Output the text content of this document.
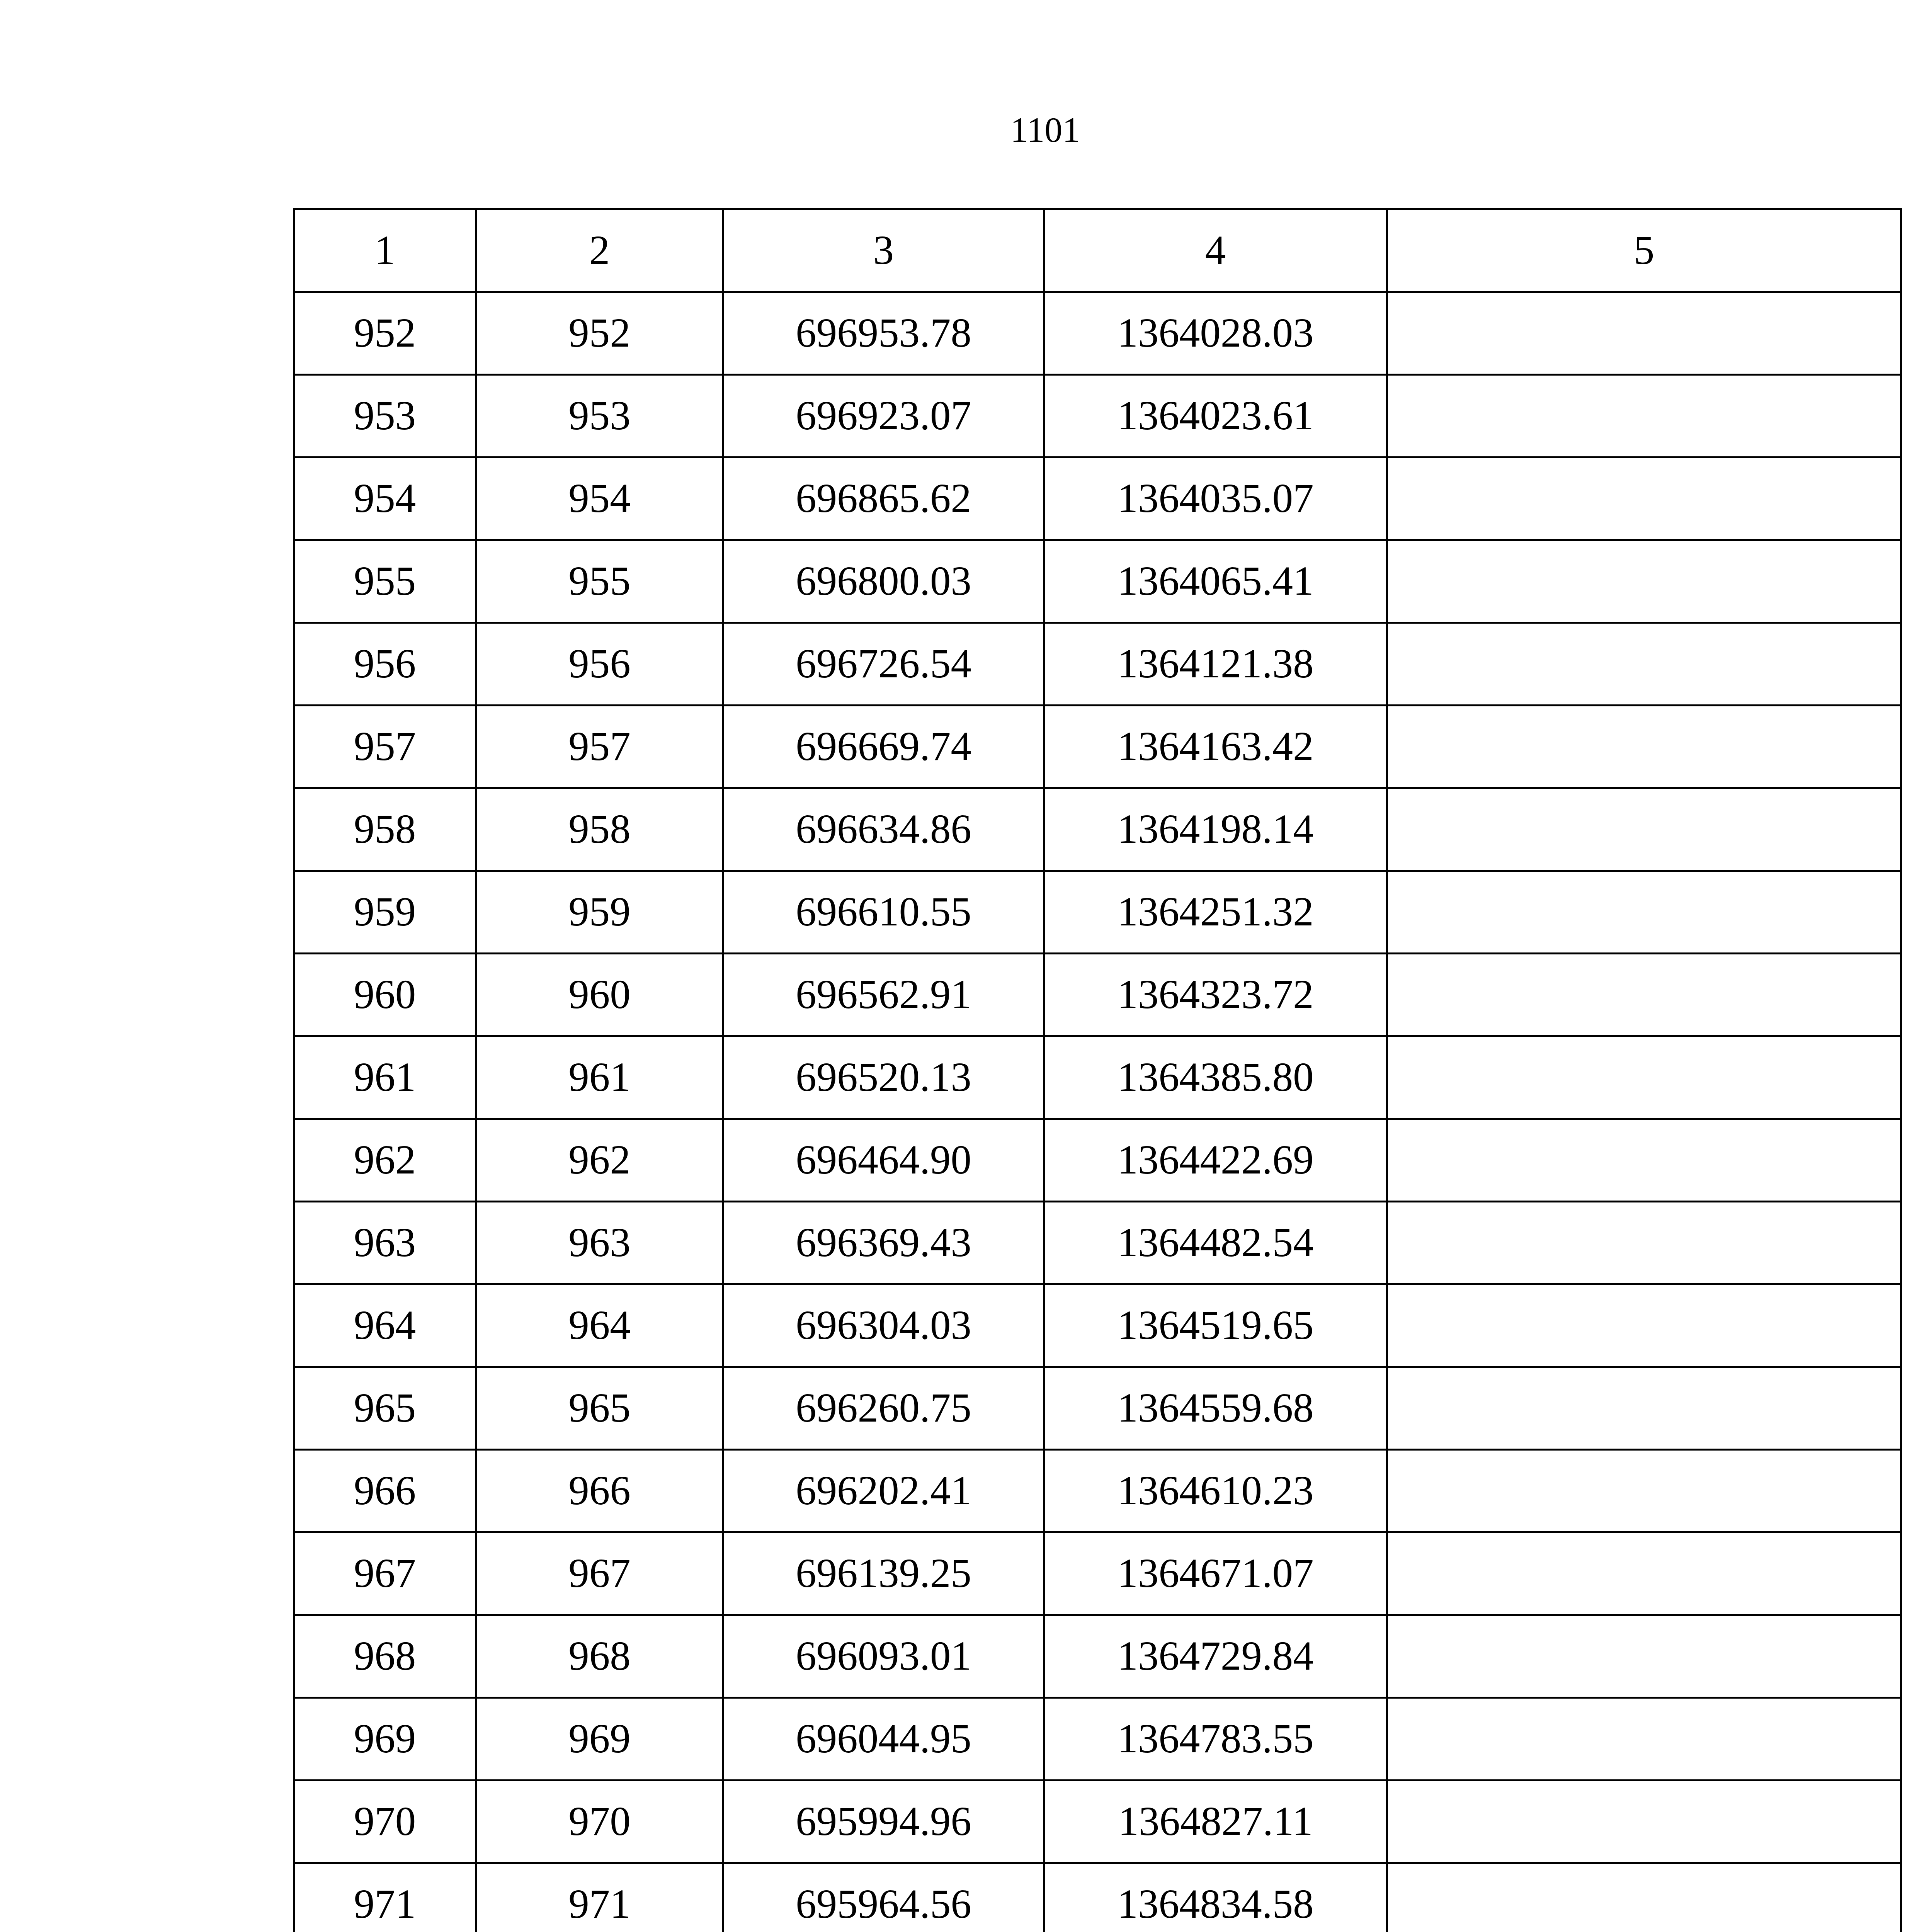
1101
1	2	3	4	5
952	952	696953.78	1364028.03	
953	953	696923.07	1364023.61	
954	954	696865.62	1364035.07	
955	955	696800.03	1364065.41	
956	956	696726.54	1364121.38	
957	957	696669.74	1364163.42	
958	958	696634.86	1364198.14	
959	959	696610.55	1364251.32	
960	960	696562.91	1364323.72	
961	961	696520.13	1364385.80	
962	962	696464.90	1364422.69	
963	963	696369.43	1364482.54	
964	964	696304.03	1364519.65	
965	965	696260.75	1364559.68	
966	966	696202.41	1364610.23	
967	967	696139.25	1364671.07	
968	968	696093.01	1364729.84	
969	969	696044.95	1364783.55	
970	970	695994.96	1364827.11	
971	971	695964.56	1364834.58	
